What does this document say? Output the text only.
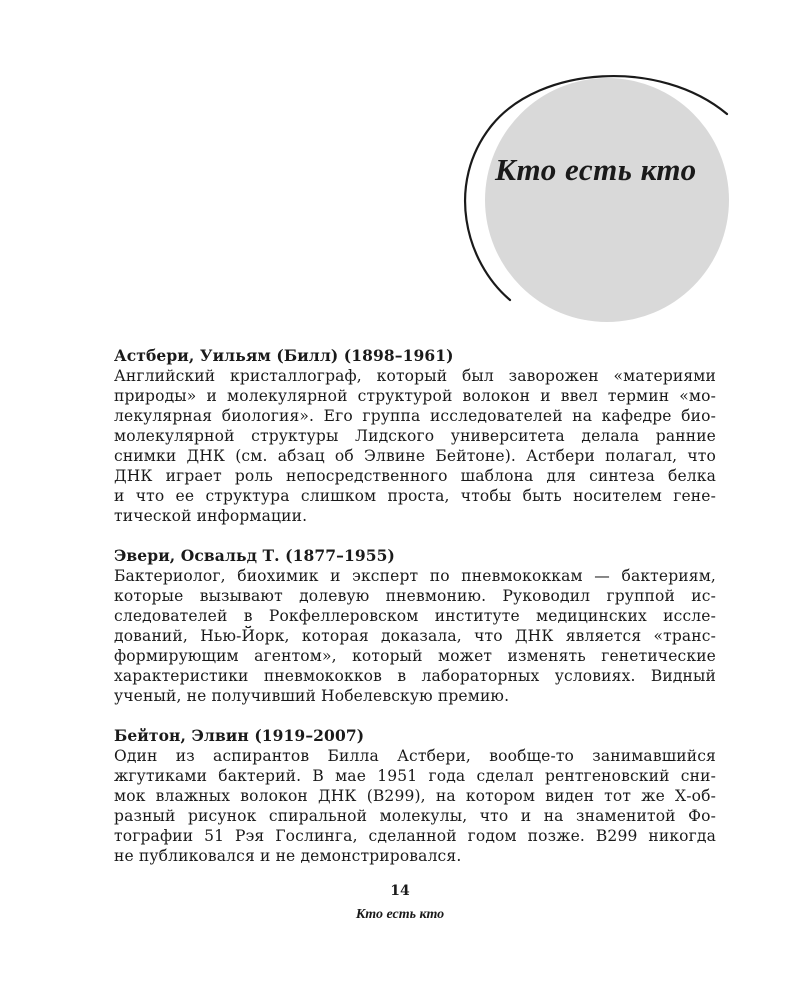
Кто есть кто
Астбери, Уильям (Билл) (1898–1961)
Английский кристаллограф, который был заворожен «материями
природы» и молекулярной структурой волокон и ввел термин «мо-
лекулярная биология». Его группа исследователей на кафедре био-
молекулярной структуры Лидского университета делала ранние
снимки ДНК (см. абзац об Элвине Бейтоне). Астбери полагал, что
ДНК играет роль непосредственного шаблона для синтеза белка
и что ее структура слишком проста, чтобы быть носителем гене-
тической информации.
Эвери, Освальд Т. (1877–1955)
Бактериолог, биохимик и эксперт по пневмококкам — бактериям,
которые вызывают долевую пневмонию. Руководил группой ис-
следователей в Рокфеллеровском институте медицинских иссле-
дований, Нью-Йорк, которая доказала, что ДНК является «транс-
формирующим агентом», который может изменять генетические
характеристики пневмококков в лабораторных условиях. Видный
ученый, не получивший Нобелевскую премию.
Бейтон, Элвин (1919–2007)
Один из аспирантов Билла Астбери, вообще-то занимавшийся
жгутиками бактерий. В мае 1951 года сделал рентгеновский сни-
мок влажных волокон ДНК (B299), на котором виден тот же Х-об-
разный рисунок спиральной молекулы, что и на знаменитой Фо-
тографии 51 Рэя Гослинга, сделанной годом позже. B299 никогда
не публиковался и не демонстрировался.
14
Кто есть кто
